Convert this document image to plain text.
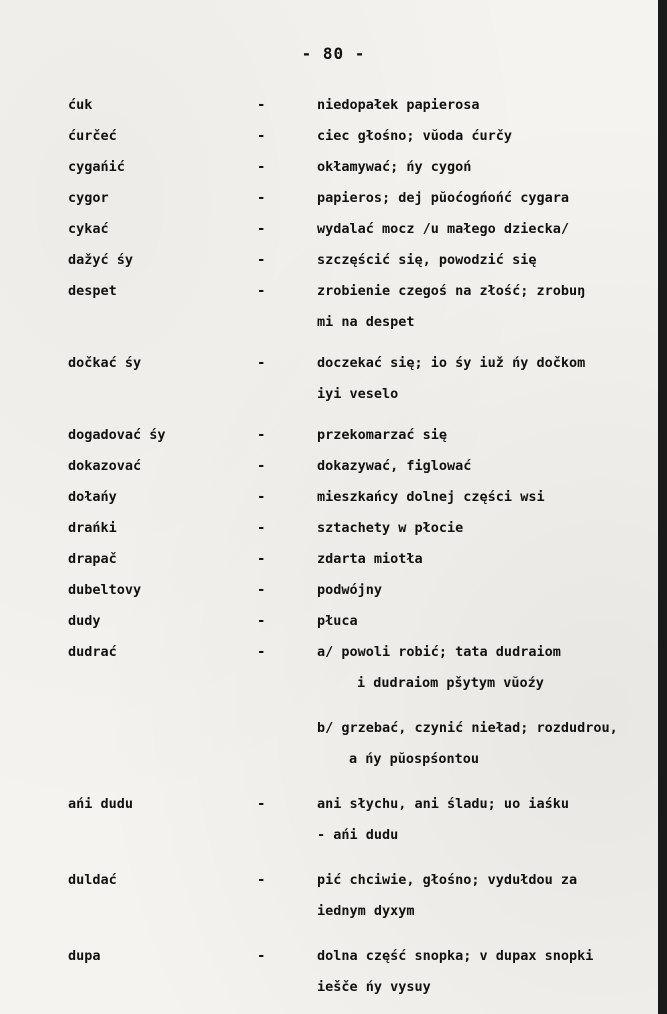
- 80 -
ćuk	-	niedopałek papierosa
ćurčeć	-	ciec głośno; vŭoda ćurčy
cygańić	-	okłamywać; ńy cygoń
cygor	-	papieros; dej pŭoćogńońć cygara
cykać	-	wydalać mocz /u małego dziecka/
dažyć śy	-	szczęścić się, powodzić się
despet	-	zrobienie czegoś na złość; zrobuŋ
mi na despet
dočkać śy	-	doczekać się; io śy iuž ńy dočkom
iyi veselo
dogadovać śy	-	przekomarzać się
dokazovać	-	dokazywać, figlować
dołańy	-	mieszkańcy dolnej części wsi
drańki	-	sztachety w płocie
drapač	-	zdarta miotła
dubeltovy	-	podwójny
dudy	-	płuca
dudrać	-	a/ powoli robić; tata dudraiom
i dudraiom pšytym vŭoźy
b/ grzebać, czynić nieład; rozdudrou,
a ńy pŭospśontou
ańi dudu	-	ani słychu, ani śladu; uo iaśku
- ańi dudu
duldać	-	pić chciwie, głośno; vydułdou za
iednym dyxym
dupa	-	dolna część snopka; v dupax snopki
iešče ńy vysuy
